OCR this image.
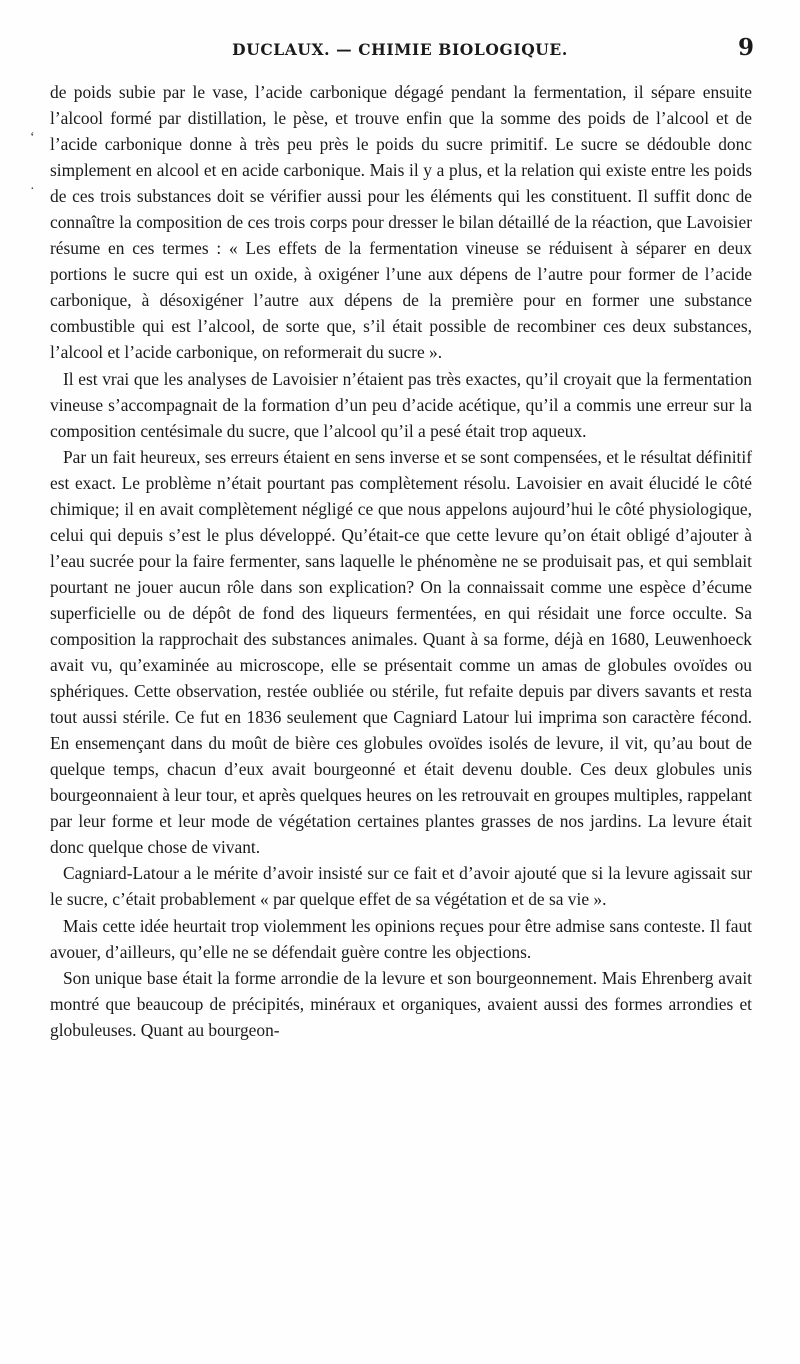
DUCLAUX. — CHIMIE BIOLOGIQUE.	9
‘
·

de poids subie par le vase, l’acide carbonique dégagé pendant la fermentation, il sépare ensuite l’alcool formé par distillation, le pèse, et trouve enfin que la somme des poids de l’alcool et de l’acide carbonique donne à très peu près le poids du sucre primitif. Le sucre se dédouble donc simplement en alcool et en acide carbonique. Mais il y a plus, et la relation qui existe entre les poids de ces trois substances doit se vérifier aussi pour les éléments qui les constituent. Il suffit donc de connaître la composition de ces trois corps pour dresser le bilan détaillé de la réaction, que Lavoisier résume en ces termes : « Les effets de la fermentation vineuse se réduisent à séparer en deux portions le sucre qui est un oxide, à oxigéner l’une aux dépens de l’autre pour former de l’acide carbonique, à désoxigéner l’autre aux dépens de la première pour en former une substance combustible qui est l’alcool, de sorte que, s’il était possible de recombiner ces deux substances, l’alcool et l’acide carbonique, on reformerait du sucre ».

Il est vrai que les analyses de Lavoisier n’étaient pas très exactes, qu’il croyait que la fermentation vineuse s’accompagnait de la formation d’un peu d’acide acétique, qu’il a commis une erreur sur la composition centésimale du sucre, que l’alcool qu’il a pesé était trop aqueux.

Par un fait heureux, ses erreurs étaient en sens inverse et se sont compensées, et le résultat définitif est exact. Le problème n’était pourtant pas complètement résolu. Lavoisier en avait élucidé le côté chimique; il en avait complètement négligé ce que nous appelons aujourd’hui le côté physiologique, celui qui depuis s’est le plus développé. Qu’était-ce que cette levure qu’on était obligé d’ajouter à l’eau sucrée pour la faire fermenter, sans laquelle le phénomène ne se produisait pas, et qui semblait pourtant ne jouer aucun rôle dans son explication? On la connaissait comme une espèce d’écume superficielle ou de dépôt de fond des liqueurs fermentées, en qui résidait une force occulte. Sa composition la rapprochait des substances animales. Quant à sa forme, déjà en 1680, Leuwenhoeck avait vu, qu’examinée au microscope, elle se présentait comme un amas de globules ovoïdes ou sphériques. Cette observation, restée oubliée ou stérile, fut refaite depuis par divers savants et resta tout aussi stérile. Ce fut en 1836 seulement que Cagniard Latour lui imprima son caractère fécond. En ensemençant dans du moût de bière ces globules ovoïdes isolés de levure, il vit, qu’au bout de quelque temps, chacun d’eux avait bourgeonné et était devenu double. Ces deux globules unis bourgeonnaient à leur tour, et après quelques heures on les retrouvait en groupes multiples, rappelant par leur forme et leur mode de végétation certaines plantes grasses de nos jardins. La levure était donc quelque chose de vivant.

Cagniard-Latour a le mérite d’avoir insisté sur ce fait et d’avoir ajouté que si la levure agissait sur le sucre, c’était probablement « par quelque effet de sa végétation et de sa vie ».

Mais cette idée heurtait trop violemment les opinions reçues pour être admise sans conteste. Il faut avouer, d’ailleurs, qu’elle ne se défendait guère contre les objections.

Son unique base était la forme arrondie de la levure et son bourgeonnement. Mais Ehrenberg avait montré que beaucoup de précipités, minéraux et organiques, avaient aussi des formes arrondies et globuleuses. Quant au bourgeon-
